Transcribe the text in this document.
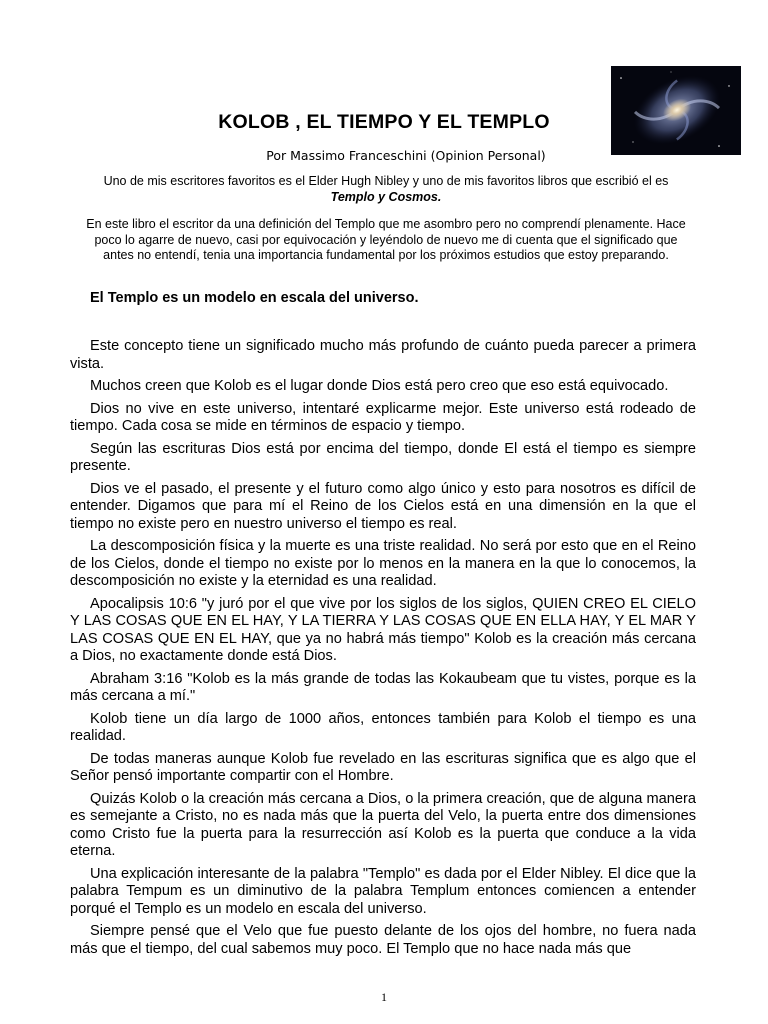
KOLOB , EL TIEMPO Y EL TEMPLO
Por Massimo Franceschini (Opinion Personal)
Uno de mis escritores favoritos es el Elder Hugh Nibley y uno de mis favoritos libros que escribió el es
Templo y Cosmos.
En este libro el escritor da una definición del Templo que me asombro pero no comprendí plenamente. Hace poco lo agarre de nuevo, casi por equivocación y leyéndolo de nuevo me di cuenta que el significado que antes no entendí, tenia una importancia fundamental por los próximos estudios que estoy preparando.
El Templo es un modelo en escala del universo.

Este concepto tiene un significado mucho más profundo de cuánto pueda parecer a primera vista.

Muchos creen que Kolob es el lugar donde Dios está pero creo que eso está equivocado.

Dios no vive en este universo, intentaré explicarme mejor. Este universo está rodeado de tiempo. Cada cosa se mide en términos de espacio y tiempo.

Según las escrituras Dios está por encima del tiempo, donde El está el tiempo es siempre presente.

Dios ve el pasado, el presente y el futuro como algo único y esto para nosotros es difícil de entender. Digamos que para mí el Reino de los Cielos está en una dimensión en la que el tiempo no existe pero en nuestro universo el tiempo es real.

La descomposición física y la muerte es una triste realidad. No será por esto que en el Reino de los Cielos, donde el tiempo no existe por lo menos en la manera en la que lo conocemos, la descomposición no existe y la eternidad es una realidad.

Apocalipsis 10:6 "y juró por el que vive por los siglos de los siglos, QUIEN CREO EL CIELO Y LAS COSAS QUE EN EL HAY, Y LA TIERRA Y LAS COSAS QUE EN ELLA HAY, Y EL MAR Y LAS COSAS QUE EN EL HAY, que ya no habrá más tiempo" Kolob es la creación más cercana a Dios, no exactamente donde está Dios.

Abraham 3:16 "Kolob es la más grande de todas las Kokaubeam que tu vistes, porque es la más cercana a mí."

Kolob tiene un día largo de 1000 años, entonces también para Kolob el tiempo es una realidad.

De todas maneras aunque Kolob fue revelado en las escrituras significa que es algo que el Señor pensó importante compartir con el Hombre.

Quizás Kolob o la creación más cercana a Dios, o la primera creación, que de alguna manera es semejante a Cristo, no es nada más que la puerta del Velo, la puerta entre dos dimensiones como Cristo fue la puerta para la resurrección así Kolob es la puerta que conduce a la vida eterna.

Una explicación interesante de la palabra "Templo" es dada por el Elder Nibley. El dice que la palabra Tempum es un diminutivo de la palabra Templum entonces comiencen a entender porqué el Templo es un modelo en escala del universo.

Siempre pensé que el Velo que fue puesto delante de los ojos del hombre, no fuera nada más que el tiempo, del cual sabemos muy poco. El Templo que no hace nada más que

1
